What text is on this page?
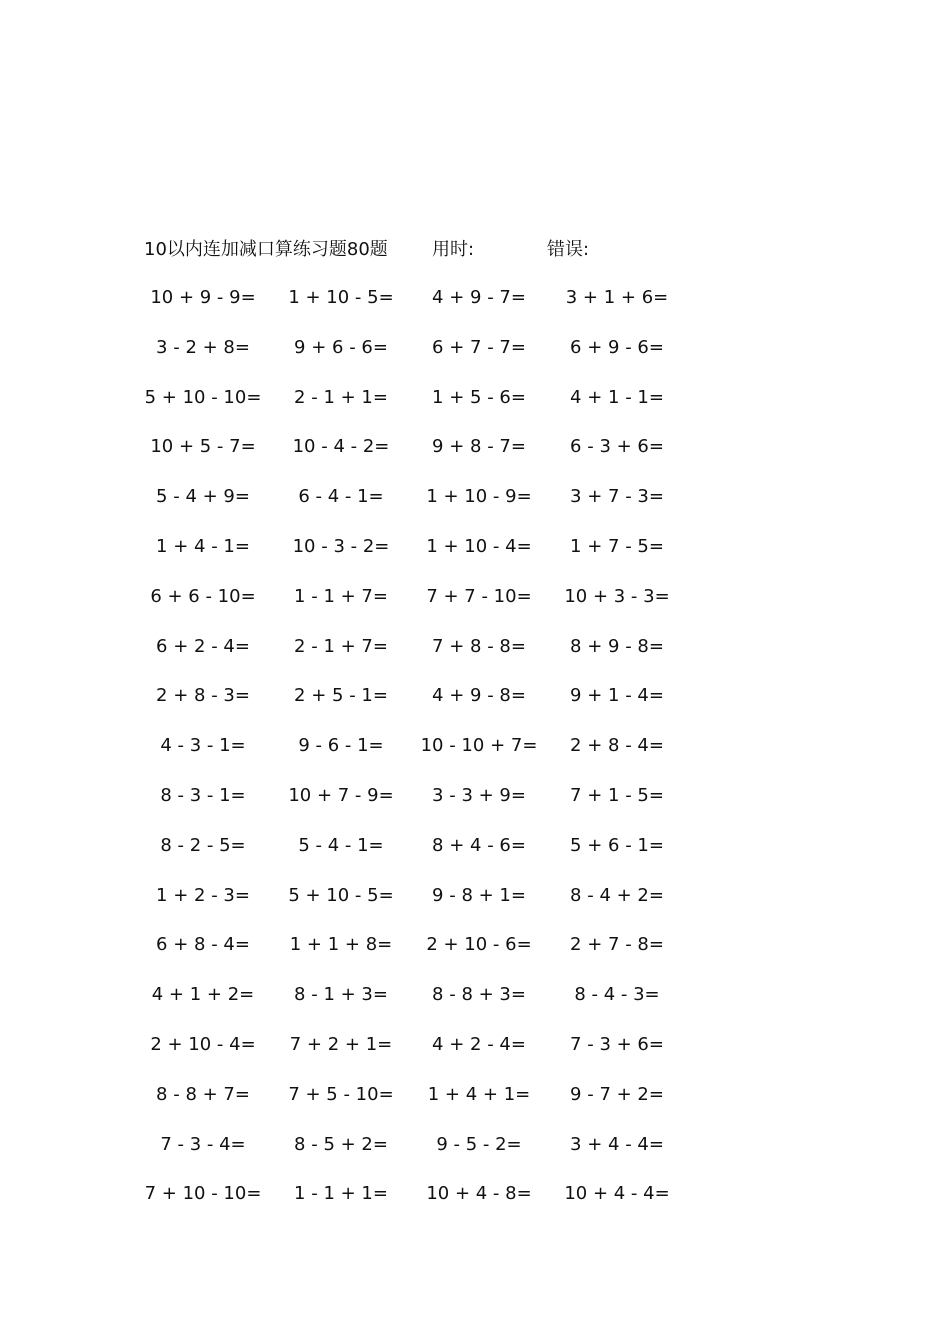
10以内连加减口算练习题80题 用时:	错误:
10 + 9 - 9=	1 + 10 - 5=	4 + 9 - 7=	3 + 1 + 6=
3 - 2 + 8=	9 + 6 - 6=	6 + 7 - 7=	6 + 9 - 6=
5 + 10 - 10=	2 - 1 + 1=	1 + 5 - 6=	4 + 1 - 1=
10 + 5 - 7=	10 - 4 - 2=	9 + 8 - 7=	6 - 3 + 6=
5 - 4 + 9=	6 - 4 - 1=	1 + 10 - 9=	3 + 7 - 3=
1 + 4 - 1=	10 - 3 - 2=	1 + 10 - 4=	1 + 7 - 5=
6 + 6 - 10=	1 - 1 + 7=	7 + 7 - 10=	10 + 3 - 3=
6 + 2 - 4=	2 - 1 + 7=	7 + 8 - 8=	8 + 9 - 8=
2 + 8 - 3=	2 + 5 - 1=	4 + 9 - 8=	9 + 1 - 4=
4 - 3 - 1=	9 - 6 - 1=	10 - 10 + 7=	2 + 8 - 4=
8 - 3 - 1=	10 + 7 - 9=	3 - 3 + 9=	7 + 1 - 5=
8 - 2 - 5=	5 - 4 - 1=	8 + 4 - 6=	5 + 6 - 1=
1 + 2 - 3=	5 + 10 - 5=	9 - 8 + 1=	8 - 4 + 2=
6 + 8 - 4=	1 + 1 + 8=	2 + 10 - 6=	2 + 7 - 8=
4 + 1 + 2=	8 - 1 + 3=	8 - 8 + 3=	8 - 4 - 3=
2 + 10 - 4=	7 + 2 + 1=	4 + 2 - 4=	7 - 3 + 6=
8 - 8 + 7=	7 + 5 - 10=	1 + 4 + 1=	9 - 7 + 2=
7 - 3 - 4=	8 - 5 + 2=	9 - 5 - 2=	3 + 4 - 4=
7 + 10 - 10=	1 - 1 + 1=	10 + 4 - 8=	10 + 4 - 4=
